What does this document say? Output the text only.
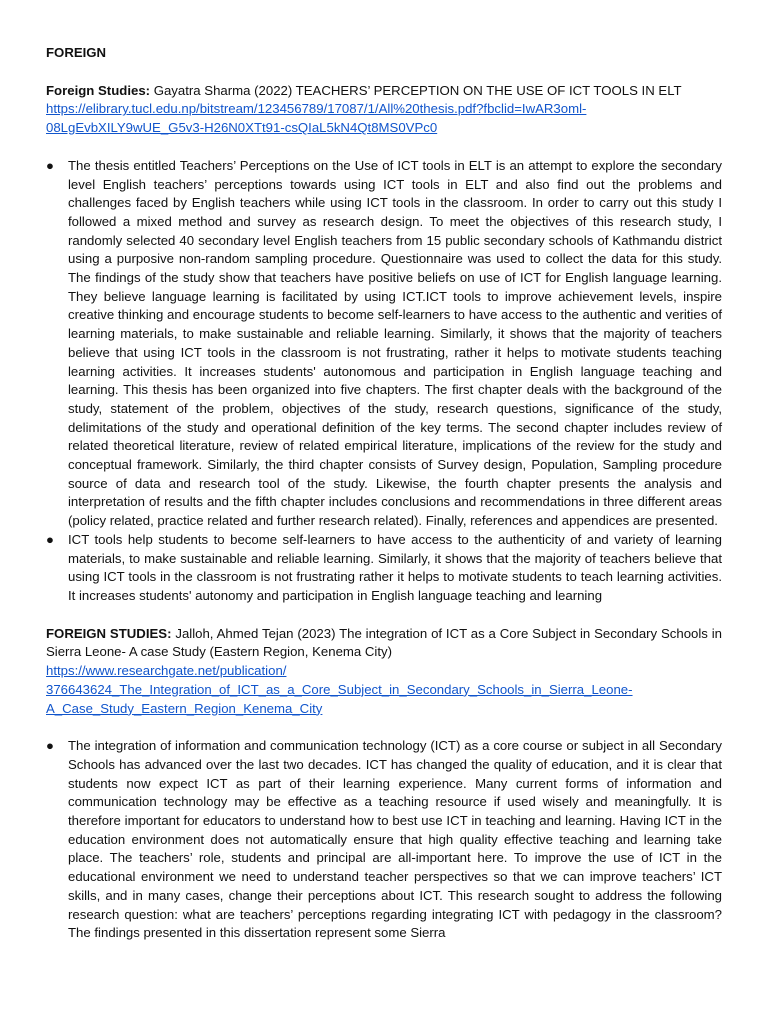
FOREIGN

Foreign Studies: Gayatra Sharma (2022) TEACHERS’ PERCEPTION ON THE USE OF ICT TOOLS IN ELT

https://elibrary.tucl.edu.np/bitstream/123456789/17087/1/All%20thesis.pdf?fbclid=IwAR3oml-

08LgEvbXILY9wUE_G5v3-H26N0XTt91-csQIaL5kN4Qt8MS0VPc0

●	The thesis entitled Teachers’ Perceptions on the Use of ICT tools in ELT is an attempt to explore the secondary level English teachers’ perceptions towards using ICT tools in ELT and also find out the problems and challenges faced by English teachers while using ICT tools in the classroom. In order to carry out this study I followed a mixed method and survey as research design. To meet the objectives of this research study, I randomly selected 40 secondary level English teachers from 15 public secondary schools of Kathmandu district using a purposive non-random sampling procedure. Questionnaire was used to collect the data for this study. The findings of the study show that teachers have positive beliefs on use of ICT for English language learning. They believe language learning is facilitated by using ICT.ICT tools to improve achievement levels, inspire creative thinking and encourage students to become self-learners to have access to the authentic and verities of learning materials, to make sustainable and reliable learning. Similarly, it shows that the majority of teachers believe that using ICT tools in the classroom is not frustrating, rather it helps to motivate students teaching learning activities. It increases students' autonomous and participation in English language teaching and learning. This thesis has been organized into five chapters. The first chapter deals with the background of the study, statement of the problem, objectives of the study, research questions, significance of the study, delimitations of the study and operational definition of the key terms. The second chapter includes review of related theoretical literature, review of related empirical literature, implications of the review for the study and conceptual framework. Similarly, the third chapter consists of Survey design, Population, Sampling procedure source of data and research tool of the study. Likewise, the fourth chapter presents the analysis and interpretation of results and the fifth chapter includes conclusions and recommendations in three different areas (policy related, practice related and further research related). Finally, references and appendices are presented.
●	ICT tools help students to become self-learners to have access to the authenticity of and variety of learning materials, to make sustainable and reliable learning. Similarly, it shows that the majority of teachers believe that using ICT tools in the classroom is not frustrating rather it helps to motivate students to teach learning activities. It increases students' autonomy and participation in English language teaching and learning

FOREIGN STUDIES: Jalloh, Ahmed Tejan (2023) The integration of ICT as a Core Subject in Secondary Schools in Sierra Leone- A case Study (Eastern Region, Kenema City)

https://www.researchgate.net/publication/

376643624_The_Integration_of_ICT_as_a_Core_Subject_in_Secondary_Schools_in_Sierra_Leone-

A_Case_Study_Eastern_Region_Kenema_City

●	The integration of information and communication technology (ICT) as a core course or subject in all Secondary Schools has advanced over the last two decades. ICT has changed the quality of education, and it is clear that students now expect ICT as part of their learning experience. Many current forms of information and communication technology may be effective as a teaching resource if used wisely and meaningfully. It is therefore important for educators to understand how to best use ICT in teaching and learning. Having ICT in the education environment does not automatically ensure that high quality effective teaching and learning take place. The teachers’ role, students and principal are all-important here. To improve the use of ICT in the educational environment we need to understand teacher perspectives so that we can improve teachers’ ICT skills, and in many cases, change their perceptions about ICT. This research sought to address the following research question: what are teachers’ perceptions regarding integrating ICT with pedagogy in the classroom? The findings presented in this dissertation represent some Sierra
